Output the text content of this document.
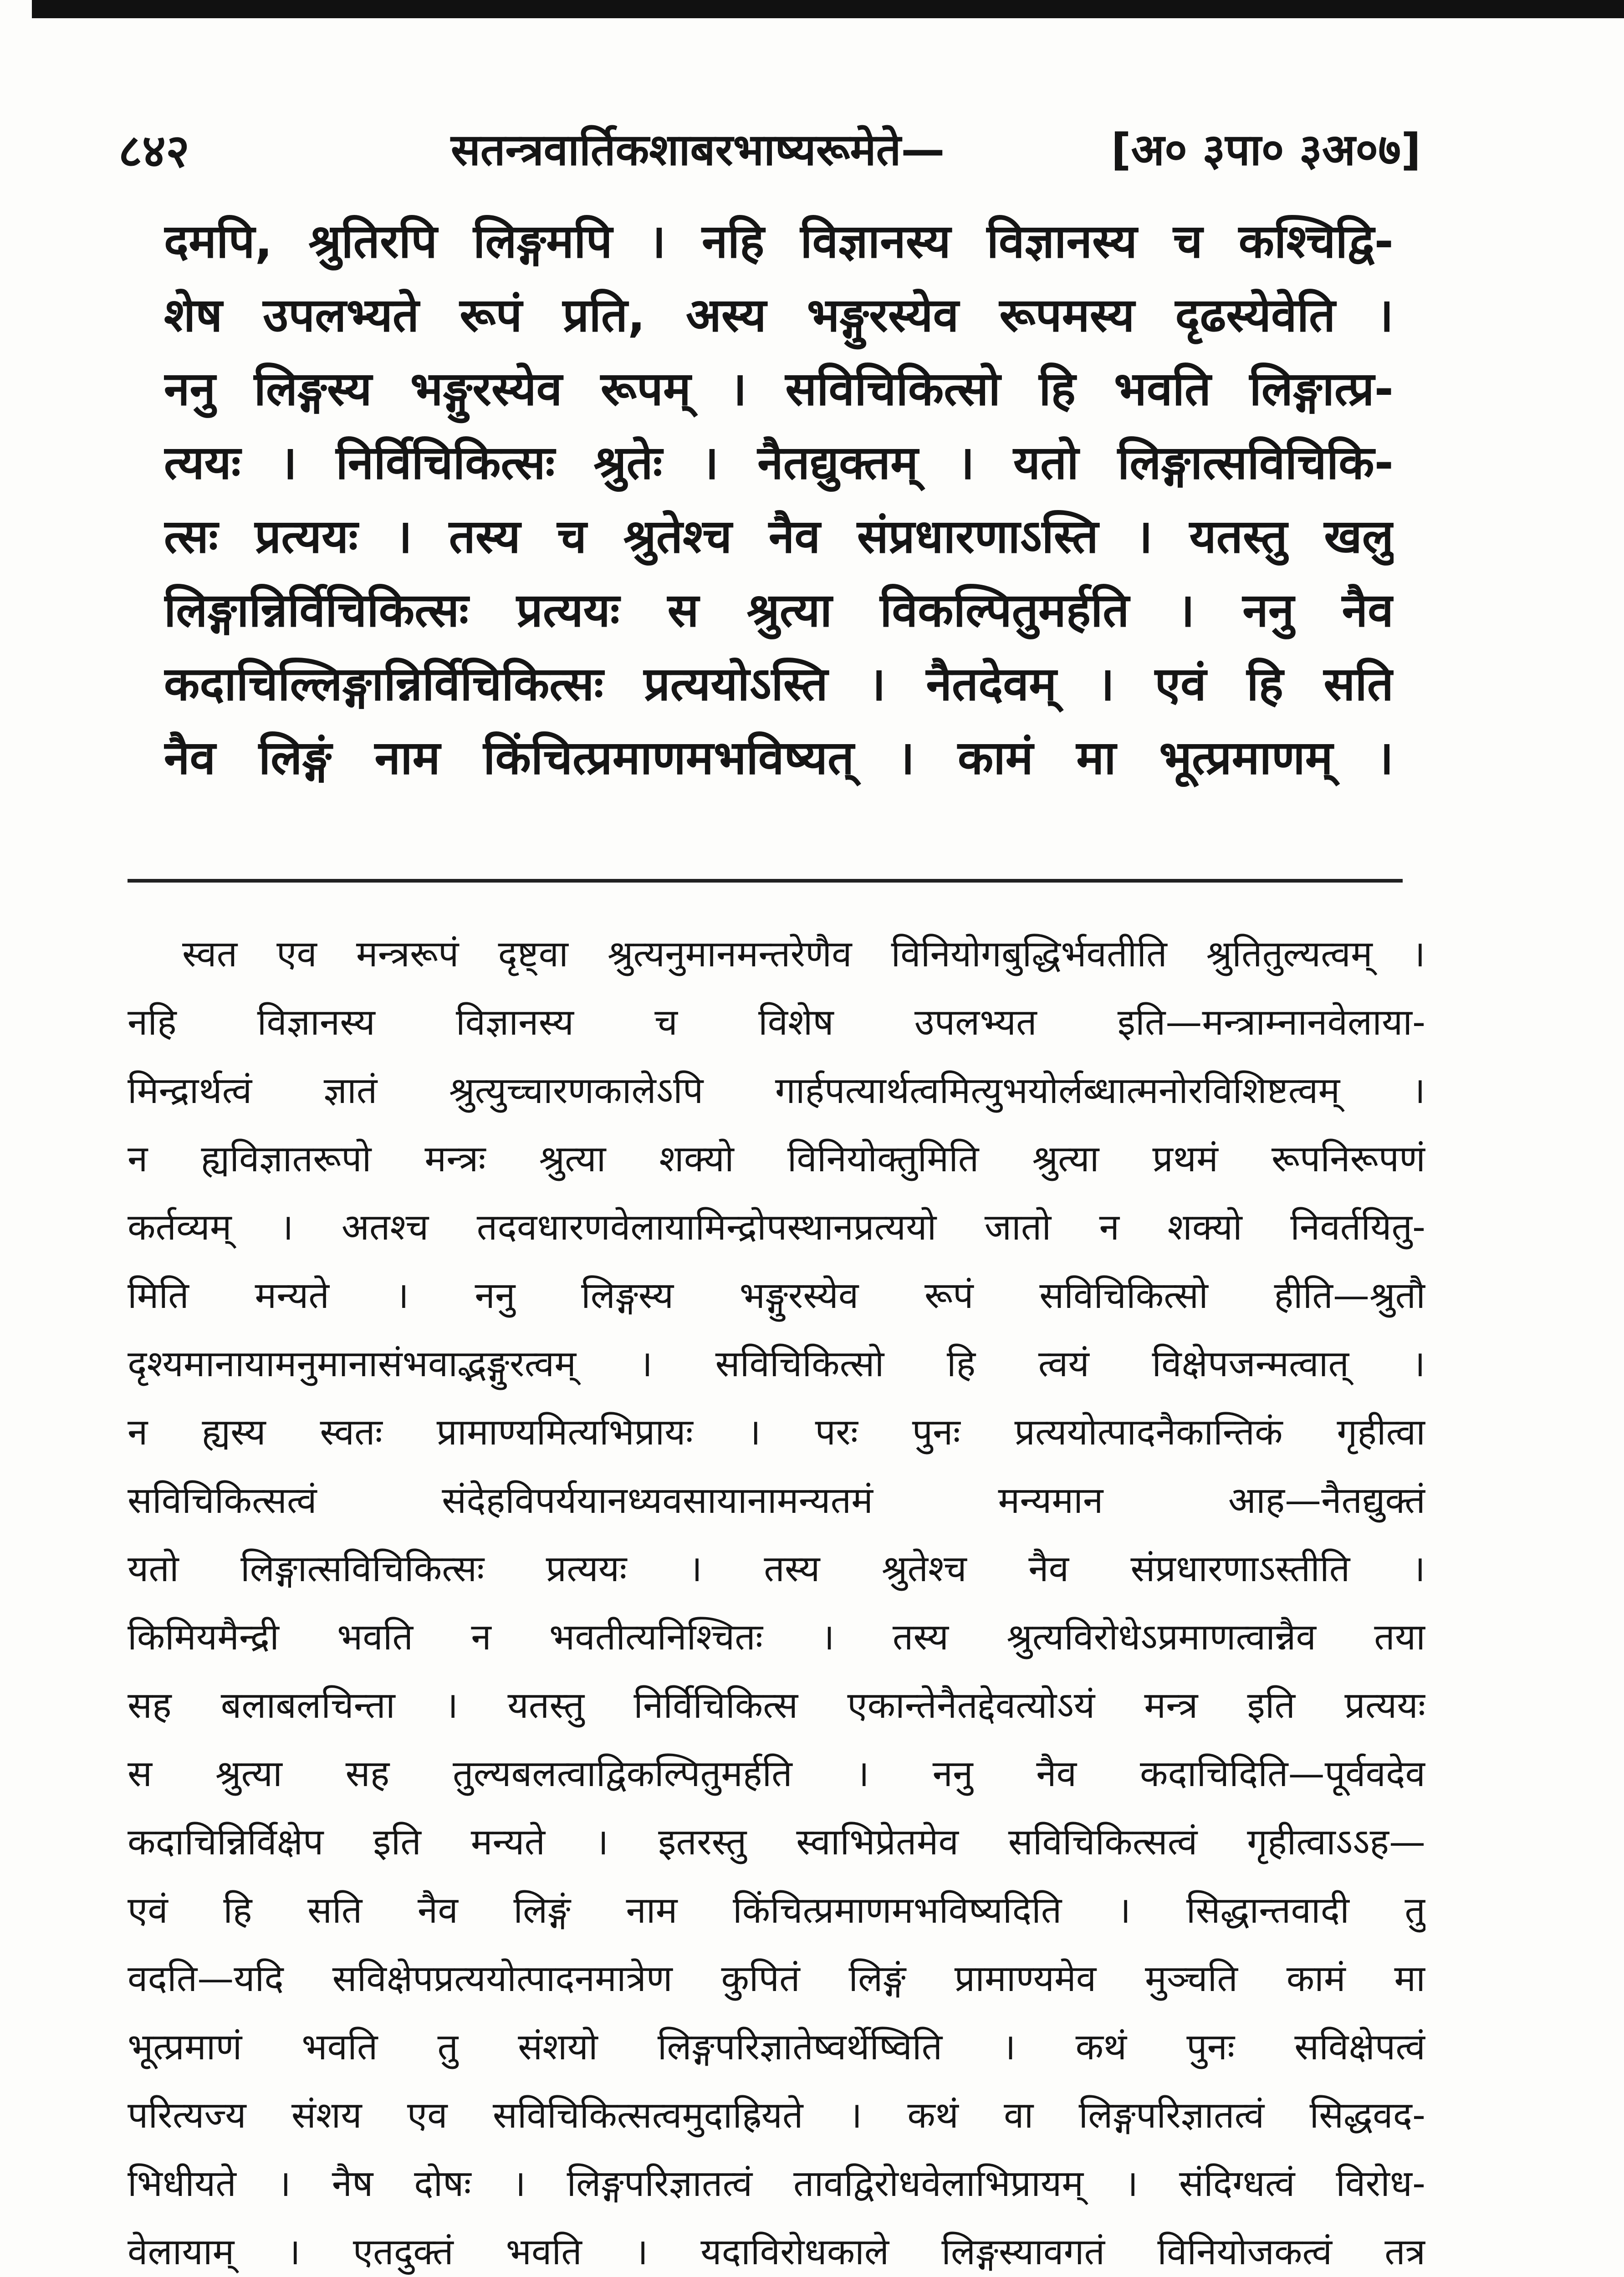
८४२	सतन्त्रवार्तिकशाबरभाष्यरूमेते—	[अ० ३पा० ३अ०७]
दमपि, श्रुतिरपि लिङ्गमपि । नहि विज्ञानस्य विज्ञानस्य च कश्चिद्वि-
शेष उपलभ्यते रूपं प्रति, अस्य भङ्गुरस्येव रूपमस्य दृढस्येवेति ।
ननु लिङ्गस्य भङ्गुरस्येव रूपम् । सविचिकित्सो हि भवति लिङ्गात्प्र-
त्ययः । निर्विचिकित्सः श्रुतेः । नैतद्युक्तम् । यतो लिङ्गात्सविचिकि-
त्सः प्रत्ययः । तस्य च श्रुतेश्च नैव संप्रधारणाऽस्ति । यतस्तु खलु
लिङ्गान्निर्विचिकित्सः प्रत्ययः स श्रुत्या विकल्पितुमर्हति । ननु नैव
कदाचिल्लिङ्गान्निर्विचिकित्सः प्रत्ययोऽस्ति । नैतदेवम् । एवं हि सति
नैव लिङ्गं नाम किंचित्प्रमाणमभविष्यत् । कामं मा भूत्प्रमाणम् ।
स्वत एव मन्त्ररूपं दृष्ट्वा श्रुत्यनुमानमन्तरेणैव विनियोगबुद्धिर्भवतीति श्रुतितुल्यत्वम् ।
नहि विज्ञानस्य विज्ञानस्य च विशेष उपलभ्यत इति—मन्त्राम्नानवेलाया-
मिन्द्रार्थत्वं ज्ञातं श्रुत्युच्चारणकालेऽपि गार्हपत्यार्थत्वमित्युभयोर्लब्धात्मनोरविशिष्टत्वम् ।
न ह्यविज्ञातरूपो मन्त्रः श्रुत्या शक्यो विनियोक्तुमिति श्रुत्या प्रथमं रूपनिरूपणं
कर्तव्यम् । अतश्च तदवधारणवेलायामिन्द्रोपस्थानप्रत्ययो जातो न शक्यो निवर्तयितु-
मिति मन्यते । ननु लिङ्गस्य भङ्गुरस्येव रूपं सविचिकित्सो हीति—श्रुतौ
दृश्यमानायामनुमानासंभवाद्भङ्गुरत्वम् । सविचिकित्सो हि त्वयं विक्षेपजन्मत्वात् ।
न ह्यस्य स्वतः प्रामाण्यमित्यभिप्रायः । परः पुनः प्रत्ययोत्पादनैकान्तिकं गृहीत्वा
सविचिकित्सत्वं संदेहविपर्ययानध्यवसायानामन्यतमं मन्यमान आह—नैतद्युक्तं
यतो लिङ्गात्सविचिकित्सः प्रत्ययः । तस्य श्रुतेश्च नैव संप्रधारणाऽस्तीति ।
किमियमैन्द्री भवति न भवतीत्यनिश्चितः । तस्य श्रुत्यविरोधेऽप्रमाणत्वान्नैव तया
सह बलाबलचिन्ता । यतस्तु निर्विचिकित्स एकान्तेनैतद्देवत्योऽयं मन्त्र इति प्रत्ययः
स श्रुत्या सह तुल्यबलत्वाद्विकल्पितुमर्हति । ननु नैव कदाचिदिति—पूर्ववदेव
कदाचिन्निर्विक्षेप इति मन्यते । इतरस्तु स्वाभिप्रेतमेव सविचिकित्सत्वं गृहीत्वाऽऽह—
एवं हि सति नैव लिङ्गं नाम किंचित्प्रमाणमभविष्यदिति । सिद्धान्तवादी तु
वदति—यदि सविक्षेपप्रत्ययोत्पादनमात्रेण कुपितं लिङ्गं प्रामाण्यमेव मुञ्चति कामं मा
भूत्प्रमाणं भवति तु संशयो लिङ्गपरिज्ञातेष्वर्थेष्विति । कथं पुनः सविक्षेपत्वं
परित्यज्य संशय एव सविचिकित्सत्वमुदाह्रियते । कथं वा लिङ्गपरिज्ञातत्वं सिद्धवद-
भिधीयते । नैष दोषः । लिङ्गपरिज्ञातत्वं तावद्विरोधवेलाभिप्रायम् । संदिग्धत्वं विरोध-
वेलायाम् । एतदुक्तं भवति । यदाविरोधकाले लिङ्गस्यावगतं विनियोजकत्वं तत्र
